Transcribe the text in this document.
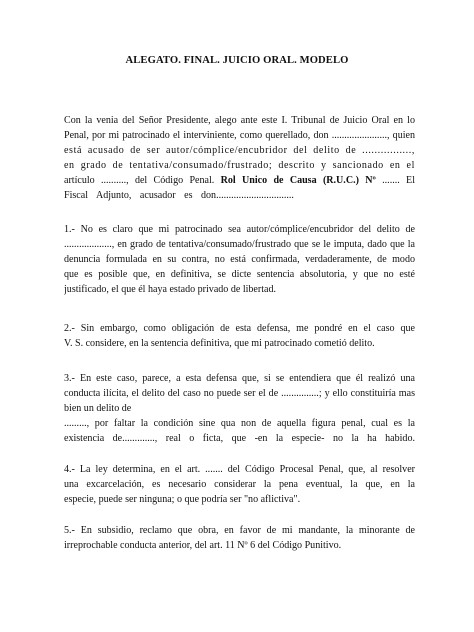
ALEGATO. FINAL. JUICIO ORAL. MODELO
Con la venia del Señor Presidente, alego ante este I. Tribunal de Juicio Oral en lo
Penal, por mi patrocinado el interviniente, como querellado, don ......................, quien
está acusado de ser autor/cómplice/encubridor del delito de ................,
en grado de tentativa/consumado/frustrado; descrito y sancionado en el
artículo .........., del Código Penal. Rol Unico de Causa (R.U.C.) Nº ....... El
Fiscal Adjunto, acusador es don...............................
1.- No es claro que mi patrocinado sea autor/cómplice/encubridor del delito de
..................., en grado de tentativa/consumado/frustrado que se le imputa, dado que la
denuncia formulada en su contra, no está confirmada, verdaderamente, de modo
que es posible que, en definitiva, se dicte sentencia absolutoria, y que no esté
justificado, el que él haya estado privado de libertad.
2.- Sin embargo, como obligación de esta defensa, me pondré en el caso que
V. S. considere, en la sentencia definitiva, que mi patrocinado cometió delito.
3.- En este caso, parece, a esta defensa que, si se entendiera que él realizó una
conducta ilícita, el delito del caso no puede ser el de ...............; y ello constituiría mas
bien un delito de
........., por faltar la condición sine qua non de aquella figura penal, cual es la
existencia de............., real o ficta, que -en la especie- no la ha habido.
4.- La ley determina, en el art. ....... del Código Procesal Penal, que, al resolver
una excarcelación, es necesario considerar la pena eventual, la que, en la
especie, puede ser ninguna; o que podría ser "no aflictiva".
5.- En subsidio, reclamo que obra, en favor de mi mandante, la minorante de
irreprochable conducta anterior, del art. 11 Nº 6 del Código Punitivo.
